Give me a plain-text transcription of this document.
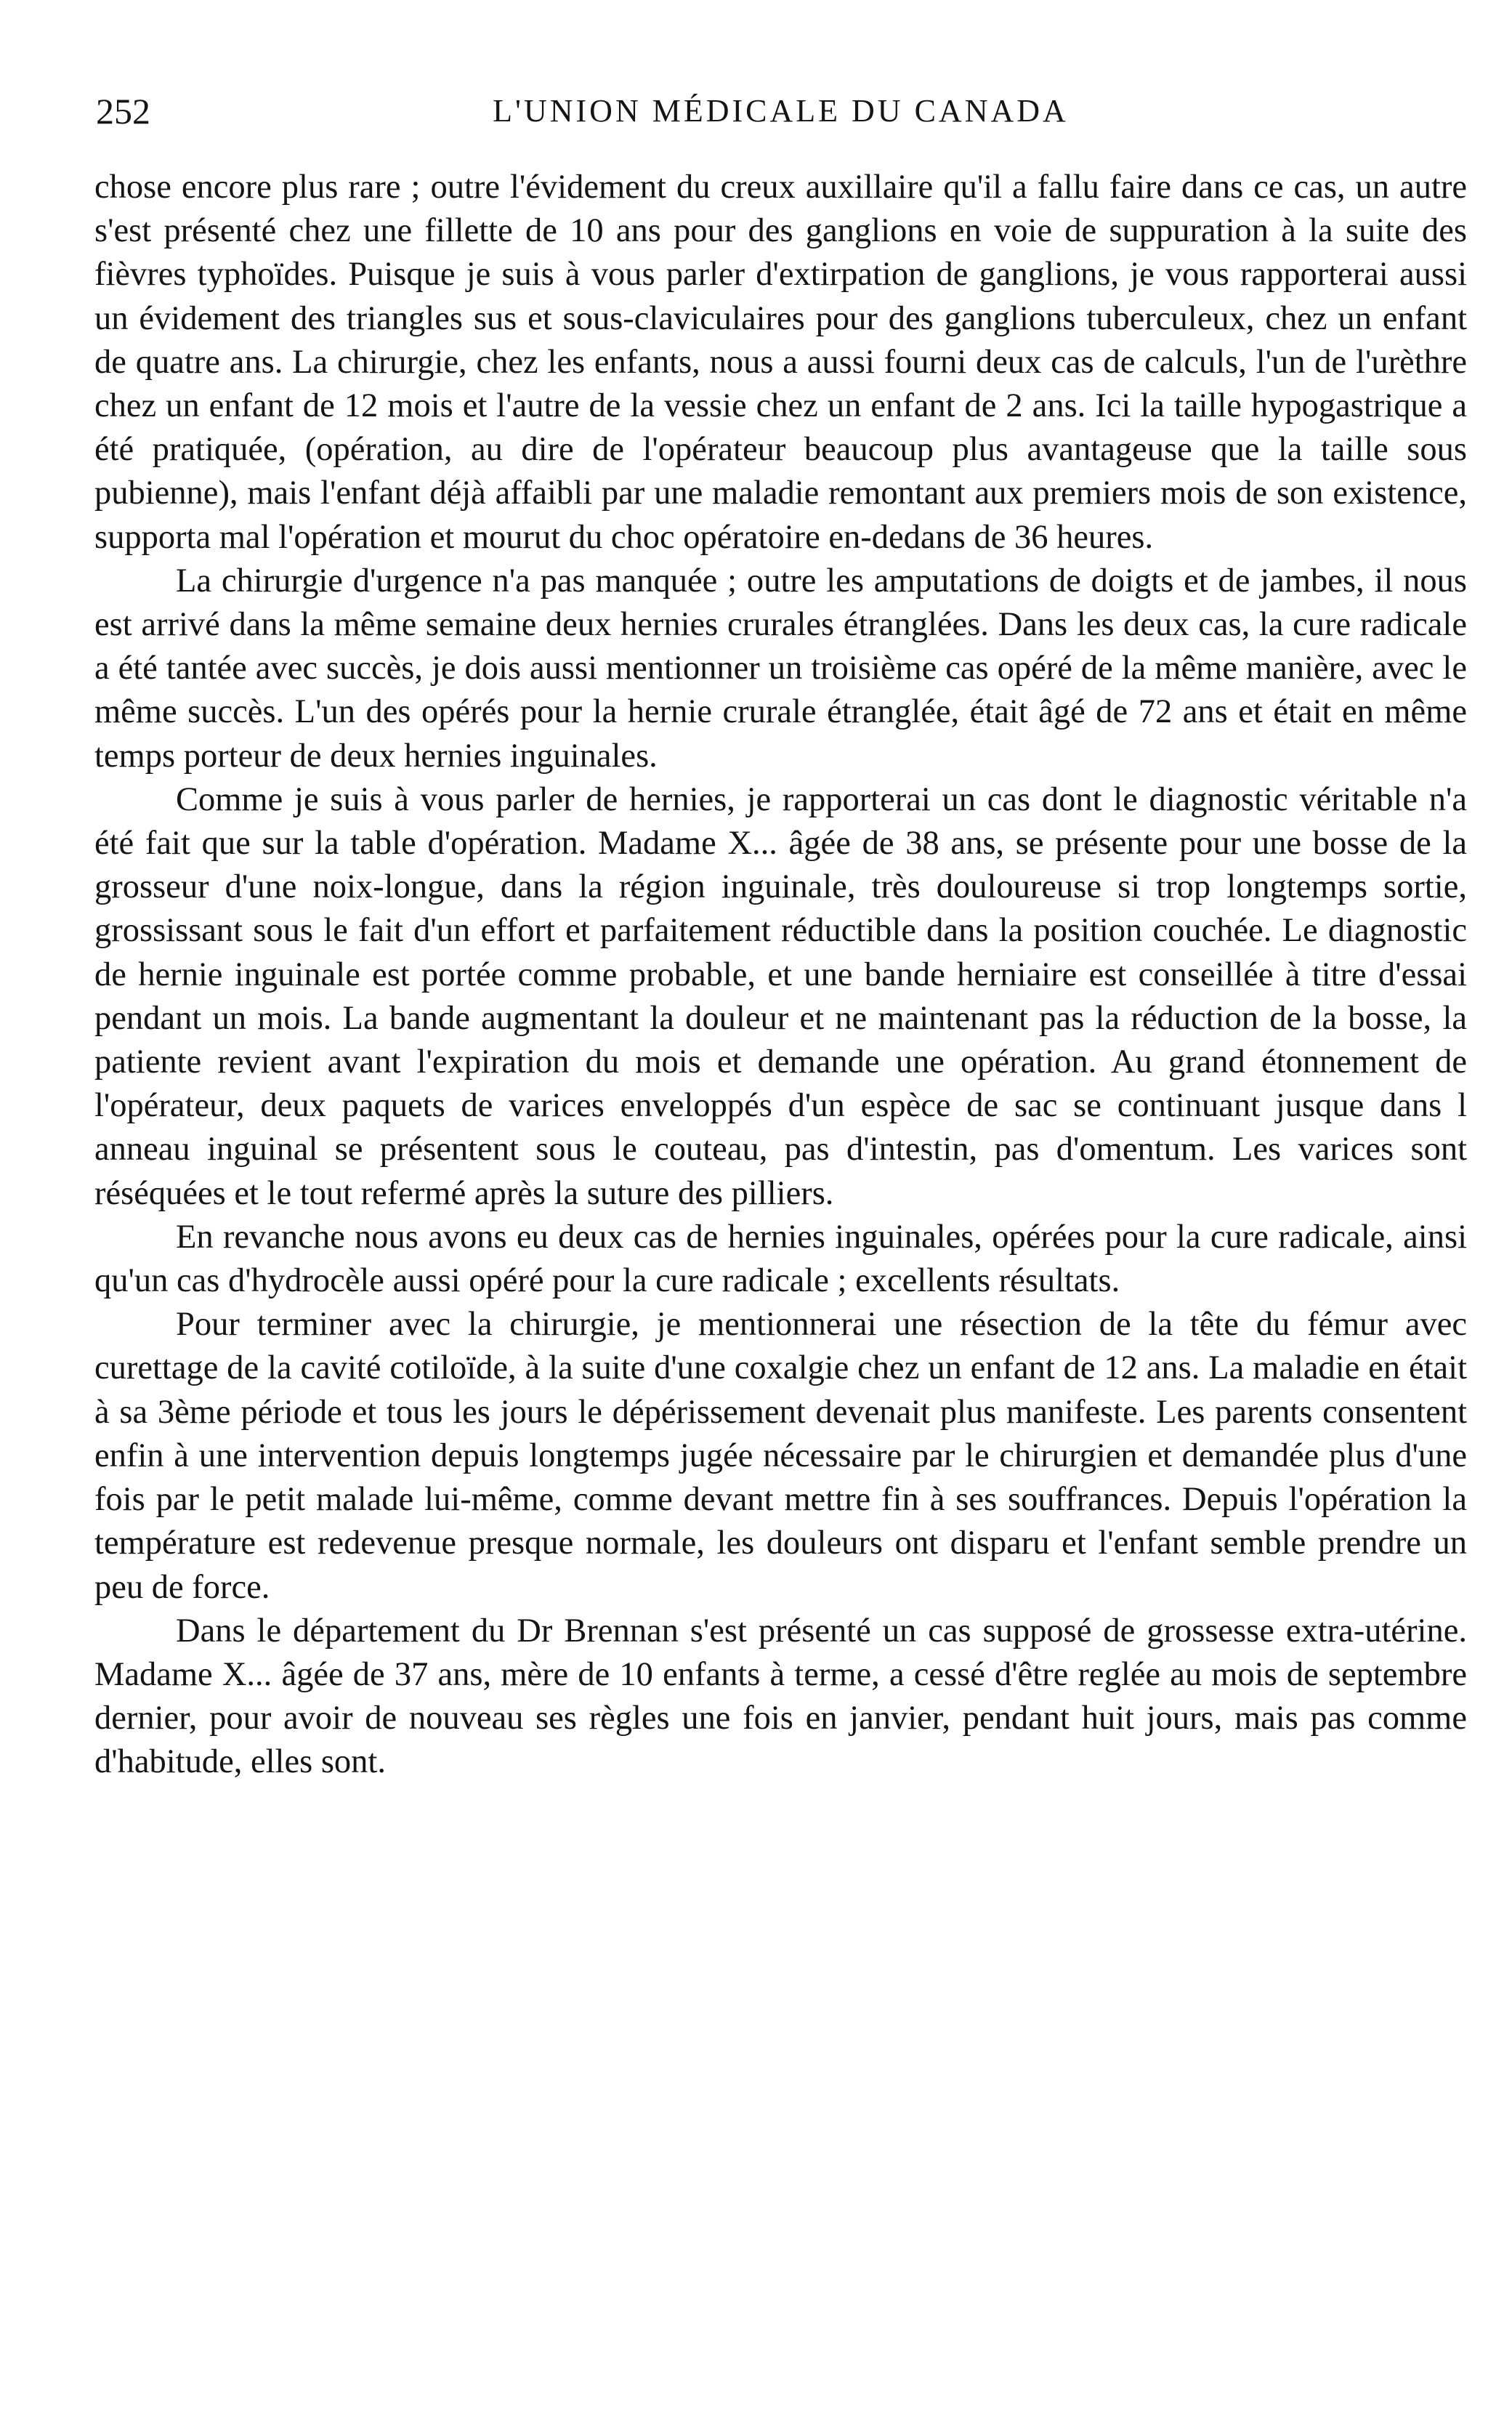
252	L'UNION MÉDICALE DU CANADA

chose encore plus rare ; outre l'évidement du creux auxillaire qu'il a fallu faire dans ce cas, un autre s'est présenté chez une fillette de 10 ans pour des ganglions en voie de suppuration à la suite des fièvres typhoïdes. Puisque je suis à vous parler d'extirpation de ganglions, je vous rapporterai aussi un évidement des triangles sus et sous-claviculaires pour des ganglions tuberculeux, chez un enfant de quatre ans. La chirurgie, chez les enfants, nous a aussi fourni deux cas de calculs, l'un de l'urèthre chez un enfant de 12 mois et l'autre de la vessie chez un enfant de 2 ans. Ici la taille hypogastrique a été pratiquée, (opération, au dire de l'opérateur beaucoup plus avantageuse que la taille sous pubienne), mais l'enfant déjà affaibli par une maladie remontant aux premiers mois de son existence, supporta mal l'opération et mourut du choc opératoire en-dedans de 36 heures.

La chirurgie d'urgence n'a pas manquée ; outre les amputations de doigts et de jambes, il nous est arrivé dans la même semaine deux hernies crurales étranglées. Dans les deux cas, la cure radicale a été tantée avec succès, je dois aussi mentionner un troisième cas opéré de la même manière, avec le même succès. L'un des opérés pour la hernie crurale étranglée, était âgé de 72 ans et était en même temps porteur de deux hernies inguinales.

Comme je suis à vous parler de hernies, je rapporterai un cas dont le diagnostic véritable n'a été fait que sur la table d'opération. Madame X... âgée de 38 ans, se présente pour une bosse de la grosseur d'une noix-longue, dans la région inguinale, très douloureuse si trop longtemps sortie, grossissant sous le fait d'un effort et parfaitement réductible dans la position couchée. Le diagnostic de hernie inguinale est portée comme probable, et une bande herniaire est conseillée à titre d'essai pendant un mois. La bande augmentant la douleur et ne maintenant pas la réduction de la bosse, la patiente revient avant l'expiration du mois et demande une opération. Au grand étonnement de l'opérateur, deux paquets de varices enveloppés d'un espèce de sac se continuant jusque dans l anneau inguinal se présentent sous le couteau, pas d'intestin, pas d'omentum. Les varices sont réséquées et le tout refermé après la suture des pilliers.

En revanche nous avons eu deux cas de hernies inguinales, opérées pour la cure radicale, ainsi qu'un cas d'hydrocèle aussi opéré pour la cure radicale ; excellents résultats.

Pour terminer avec la chirurgie, je mentionnerai une résection de la tête du fémur avec curettage de la cavité cotiloïde, à la suite d'une coxalgie chez un enfant de 12 ans. La maladie en était à sa 3ème période et tous les jours le dépérissement devenait plus manifeste. Les parents consentent enfin à une intervention depuis longtemps jugée nécessaire par le chirurgien et demandée plus d'une fois par le petit malade lui-même, comme devant mettre fin à ses souffrances. Depuis l'opération la température est redevenue presque normale, les douleurs ont disparu et l'enfant semble prendre un peu de force.

Dans le département du Dr Brennan s'est présenté un cas supposé de grossesse extra-utérine. Madame X... âgée de 37 ans, mère de 10 enfants à terme, a cessé d'être reglée au mois de septembre dernier, pour avoir de nouveau ses règles une fois en janvier, pendant huit jours, mais pas comme d'habitude, elles sont.
